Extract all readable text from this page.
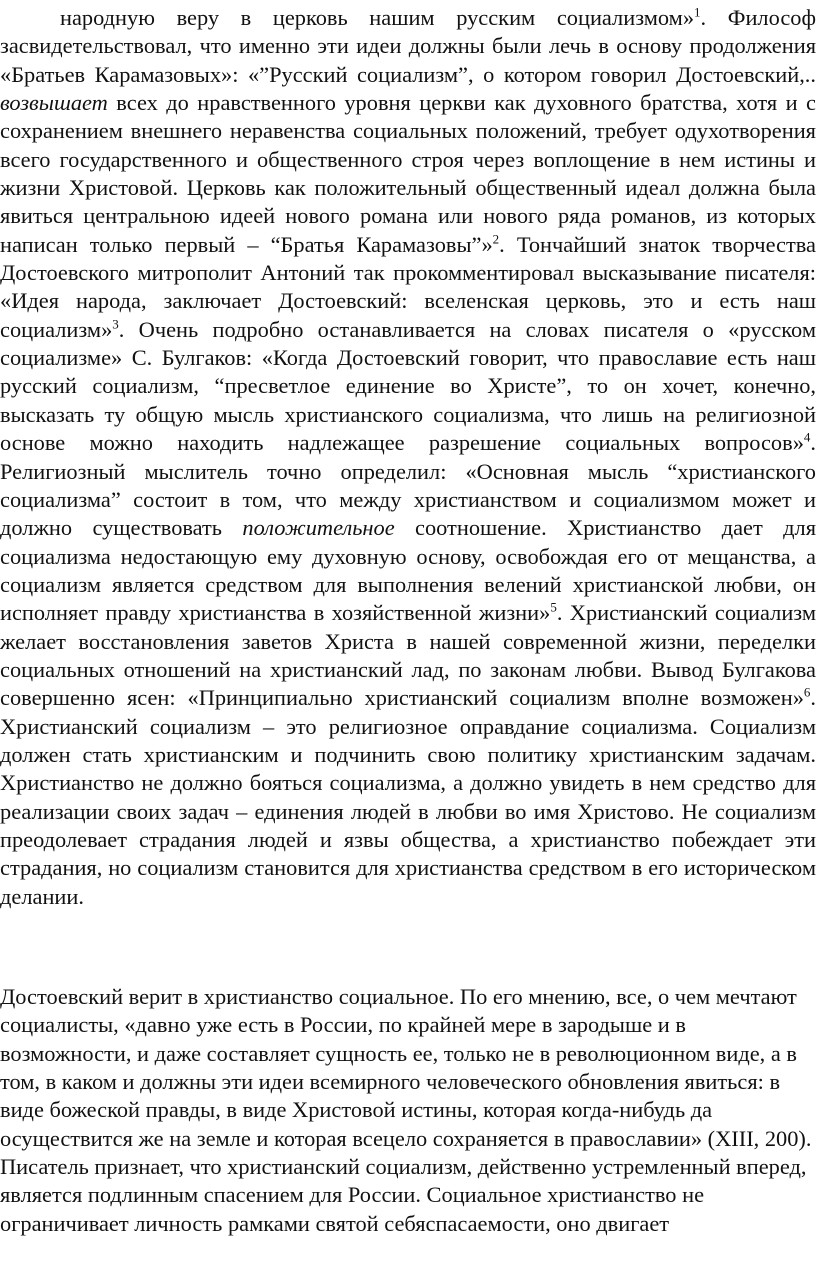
народную веру в церковь нашим русским социализмом»$^1$. Философ засвидетельствовал, что именно эти идеи должны были лечь в основу продолжения «Братьев Карамазовых»: «”Русский социализм”, о котором говорил Достоевский,.. возвышает всех до нравственного уровня церкви как духовного братства, хотя и с сохранением внешнего неравенства социальных положений, требует одухотворения всего государственного и общественного строя через воплощение в нем истины и жизни Христовой. Церковь как положительный общественный идеал должна была явиться центральною идеей нового романа или нового ряда романов, из которых написан только первый – “Братья Карамазовы”»$^2$. Тончайший знаток творчества Достоевского митрополит Антоний так прокомментировал высказывание писателя: «Идея народа, заключает Достоевский: вселенская церковь, это и есть наш социализм»$^3$. Очень подробно останавливается на словах писателя о «русском социализме» С. Булгаков: «Когда Достоевский говорит, что православие есть наш русский социализм, “пресветлое единение во Христе”, то он хочет, конечно, высказать ту общую мысль христианского социализма, что лишь на религиозной основе можно находить надлежащее разрешение социальных вопросов»$^4$. Религиозный мыслитель точно определил: «Основная мысль “христианского социализма” состоит в том, что между христианством и социализмом может и должно существовать положительное соотношение. Христианство дает для социализма недостающую ему духовную основу, освобождая его от мещанства, а социализм является средством для выполнения велений христианской любви, он исполняет правду христианства в хозяйственной жизни»$^5$. Христианский социализм желает восстановления заветов Христа в нашей современной жизни, переделки социальных отношений на христианский лад, по законам любви. Вывод Булгакова совершенно ясен: «Принципиально христианский социализм вполне возможен»$^6$. Христианский социализм – это религиозное оправдание социализма. Социализм должен стать христианским и подчинить свою политику христианским задачам. Христианство не должно бояться социализма, а должно увидеть в нем средство для реализации своих задач – единения людей в любви во имя Христово. Не социализм преодолевает страдания людей и язвы общества, а христианство побеждает эти страдания, но социализм становится для христианства средством в его историческом делании.

Достоевский верит в христианство социальное. По его мнению, все, о чем мечтают социалисты, «давно уже есть в России, по крайней мере в зародыше и в возможности, и даже составляет сущность ее, только не в революционном виде, а в том, в каком и должны эти идеи всемирного человеческого обновления явиться: в виде божеской правды, в виде Христовой истины, которая когда-нибудь да осуществится же на земле и которая всецело сохраняется в православии» (XIII, 200). Писатель признает, что христианский социализм, действенно устремленный вперед, является подлинным спасением для России. Социальное христианство не ограничивает личность рамками святой себяспасаемости, оно двигает
